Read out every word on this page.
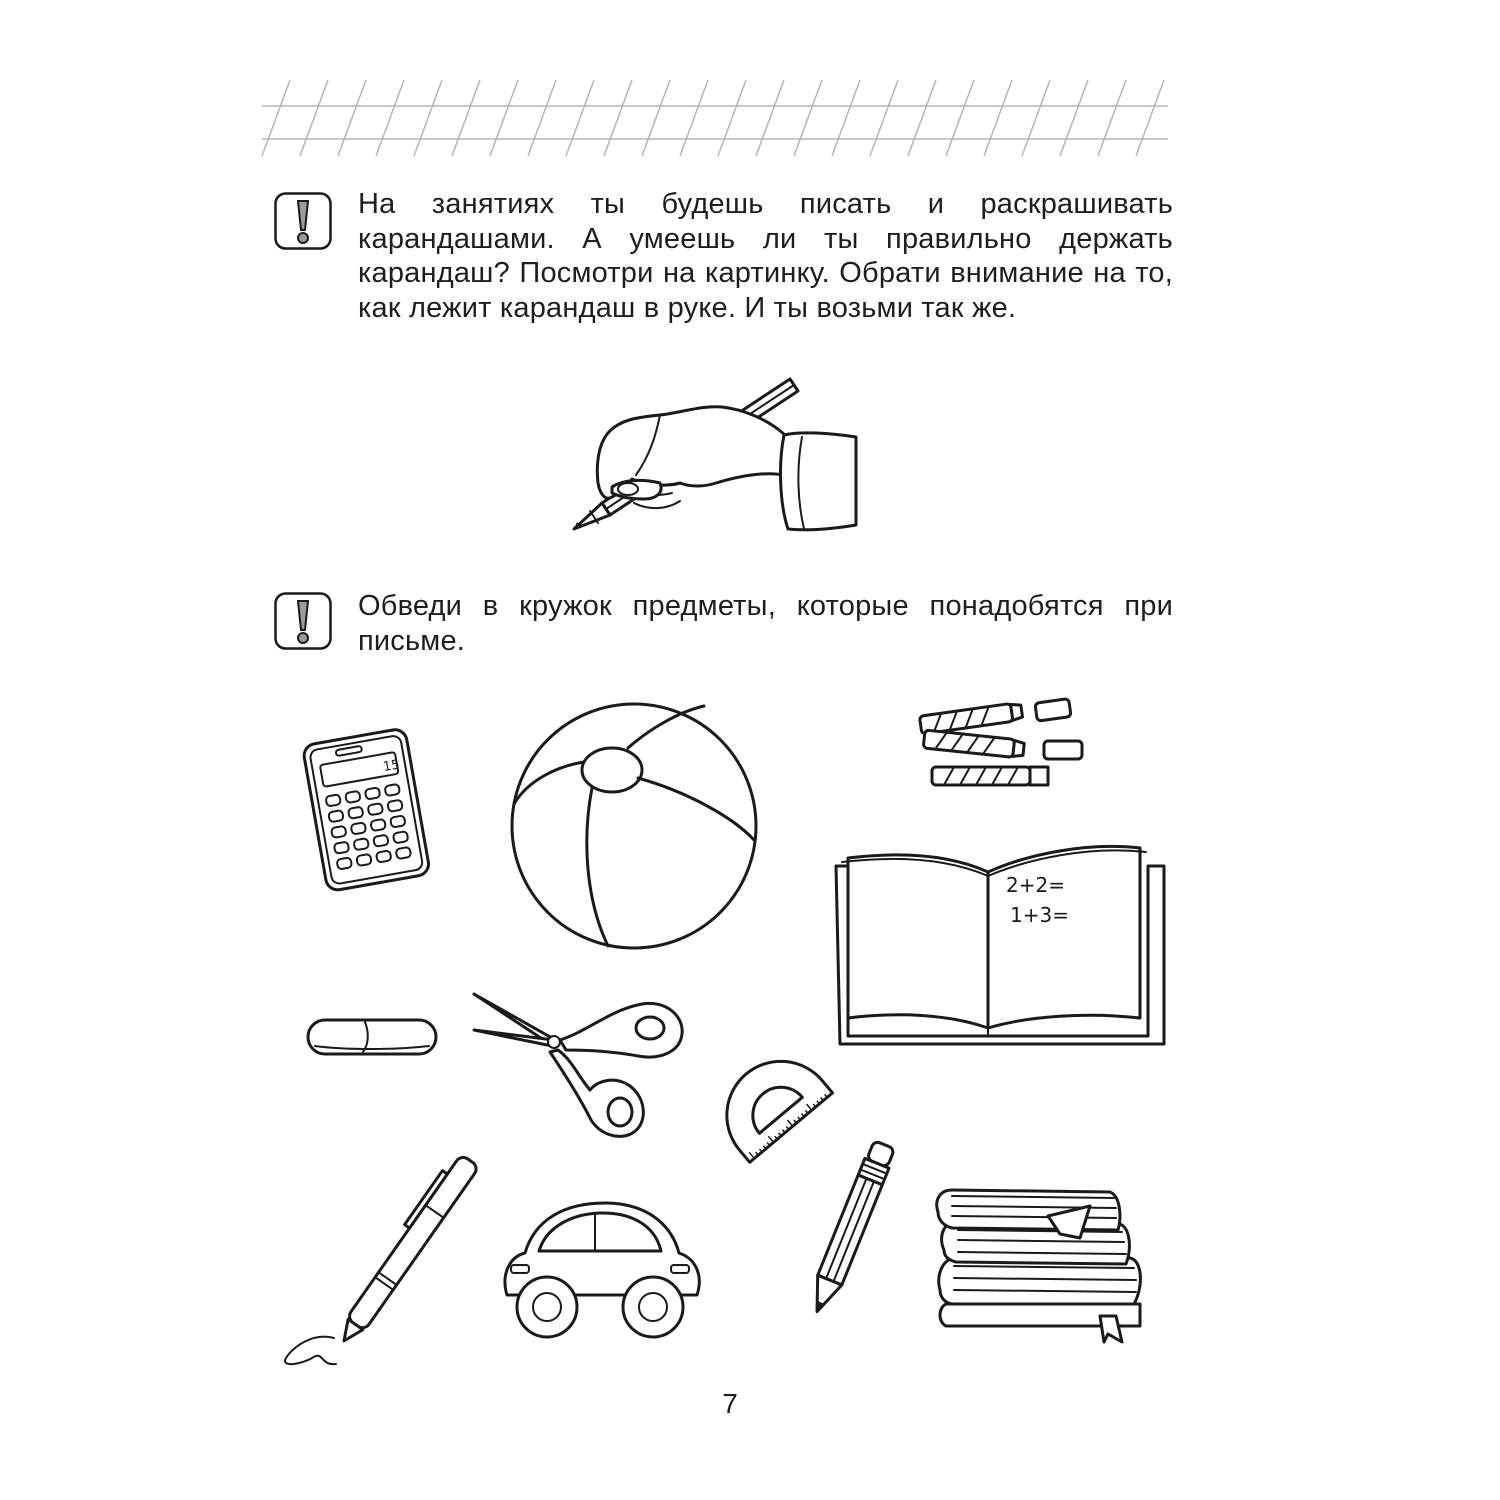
На занятиях ты будешь писать и раскрашивать карандашами. А умеешь ли ты правильно держать карандаш? Посмотри на картинку. Обрати внимание на то, как лежит карандаш в руке. И ты возьми так же.
Обведи в кружок предметы, которые понадобятся при письме.
15
2+2=
1+3=
7
